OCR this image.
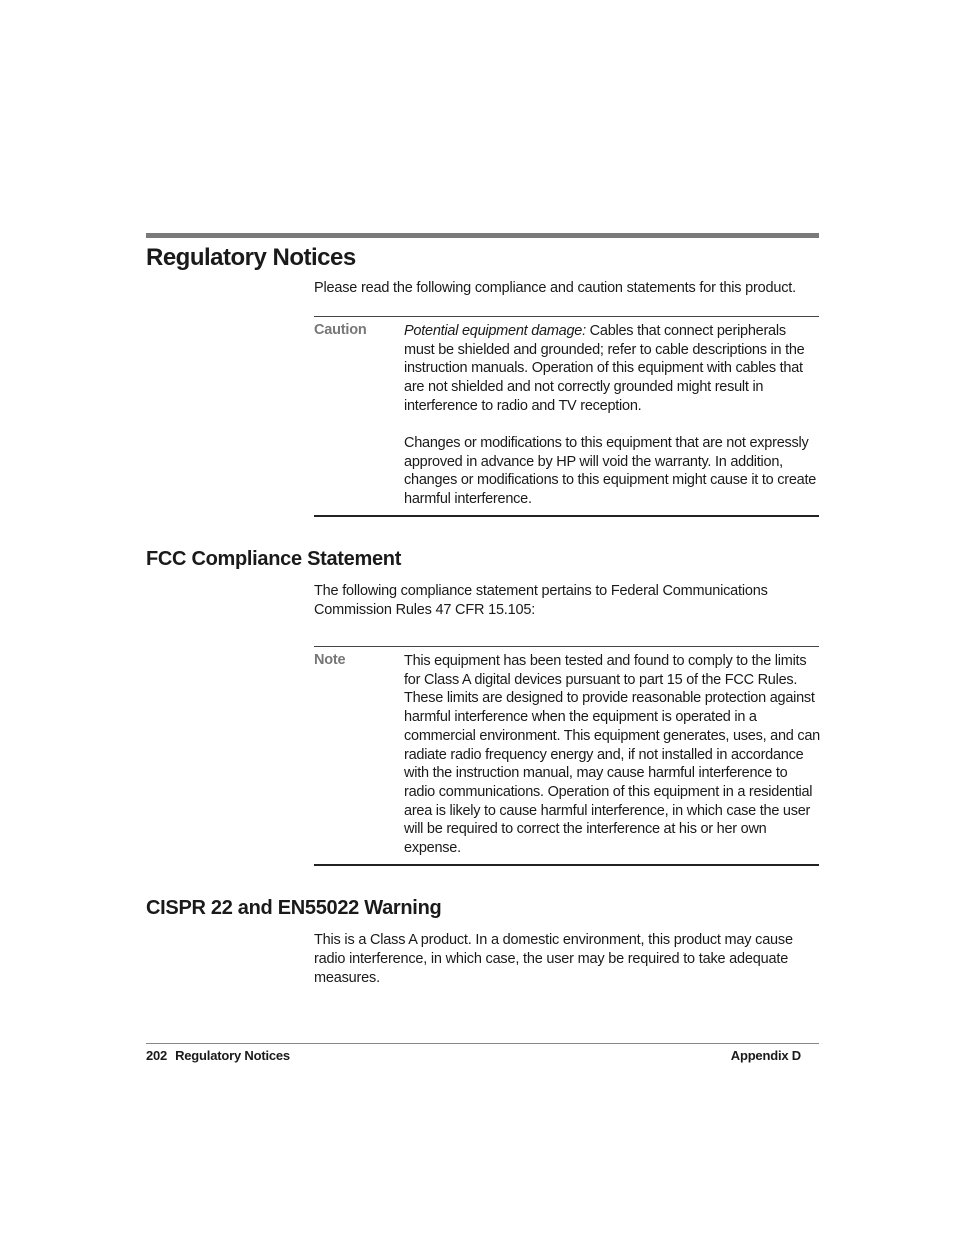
Regulatory Notices

Please read the following compliance and caution statements for this product.

Caution	Potential equipment damage: Cables that connect peripherals must be shielded and grounded; refer to cable descriptions in the instruction manuals. Operation of this equipment with cables that are not shielded and not correctly grounded might result in interference to radio and TV reception.

Changes or modifications to this equipment that are not expressly approved in advance by HP will void the warranty. In addition, changes or modifications to this equipment might cause it to create harmful interference.

FCC Compliance Statement

The following compliance statement pertains to Federal Communications Commission Rules 47 CFR 15.105:

Note	This equipment has been tested and found to comply to the limits for Class A digital devices pursuant to part 15 of the FCC Rules. These limits are designed to provide reasonable protection against harmful interference when the equipment is operated in a commercial environment. This equipment generates, uses, and can radiate radio frequency energy and, if not installed in accordance with the instruction manual, may cause harmful interference to radio communications. Operation of this equipment in a residential area is likely to cause harmful interference, in which case the user will be required to correct the interference at his or her own expense.

CISPR 22 and EN55022 Warning

This is a Class A product. In a domestic environment, this product may cause radio interference, in which case, the user may be required to take adequate measures.

202 Regulatory Notices	Appendix D
